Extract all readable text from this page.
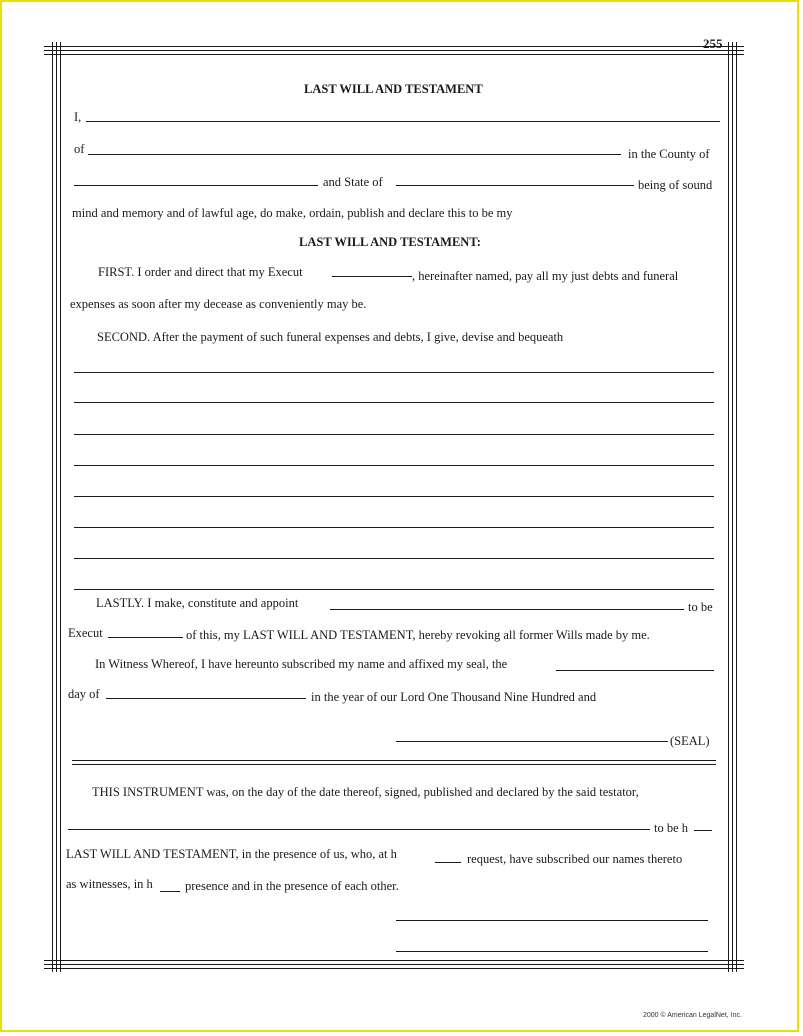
255
LAST WILL AND TESTAMENT
I,
of	in the County of
and State of	being of sound
mind and memory and of lawful age, do make, ordain, publish and declare this to be my
LAST WILL AND TESTAMENT:
FIRST. I order and direct that my Execut	, hereinafter named, pay all my just debts and funeral
expenses as soon after my decease as conveniently may be.
SECOND. After the payment of such funeral expenses and debts, I give, devise and bequeath
LASTLY. I make, constitute and appoint	to be
Execut	of this, my LAST WILL AND TESTAMENT, hereby revoking all former Wills made by me.
In Witness Whereof, I have hereunto subscribed my name and affixed my seal, the
day of	in the year of our Lord One Thousand Nine Hundred and
(SEAL)
THIS INSTRUMENT was, on the day of the date thereof, signed, published and declared by the said testator,
to be h
LAST WILL AND TESTAMENT, in the presence of us, who, at h	request, have subscribed our names thereto
as witnesses, in h	presence and in the presence of each other.
2000 © American LegalNet, Inc.
